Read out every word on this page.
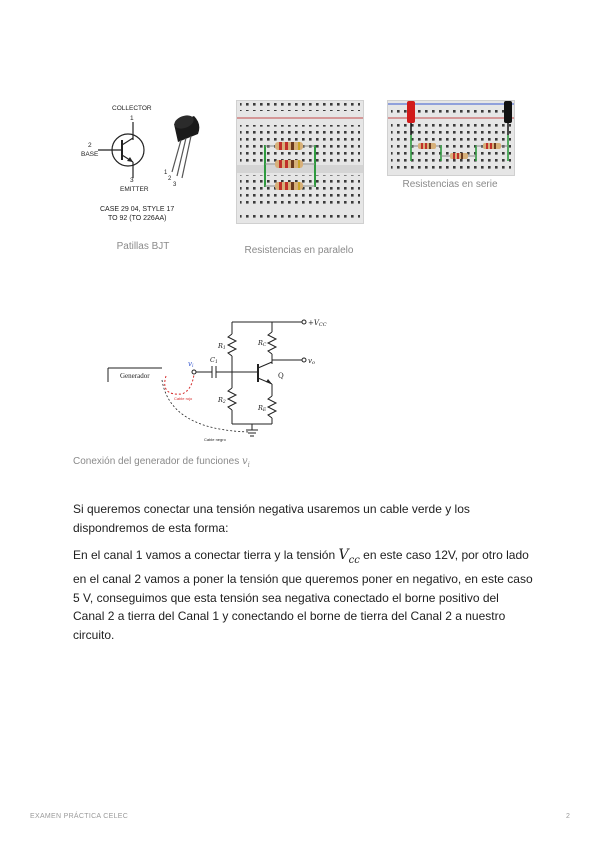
COLLECTOR
1
2
BASE
3
EMITTER
1
2
3
CASE 29 04, STYLE 17
TO 92 (TO 226AA)
Patillas BJT	Resistencias en paralelo
Resistencias en serie
Generador
Cable rojo
Cable negro
+VCC
vo
vi
R1
R2
RC
RE
C1
Q
Conexión del generador de funciones $v_i$

Si queremos conectar una tensión negativa usaremos un cable verde y los dispondremos de esta forma:

En el canal 1 vamos a conectar tierra y la tensión $V_{cc}$ en este caso 12V, por otro lado en el canal 2 vamos a poner la tensión que queremos poner en negativo, en este caso 5 V, conseguimos que esta tensión sea negativa conectado el borne positivo del Canal 2 a tierra del Canal 1 y conectando el borne de tierra del Canal 2 a nuestro circuito.

EXAMEN PRÁCTICA CELEC	2
